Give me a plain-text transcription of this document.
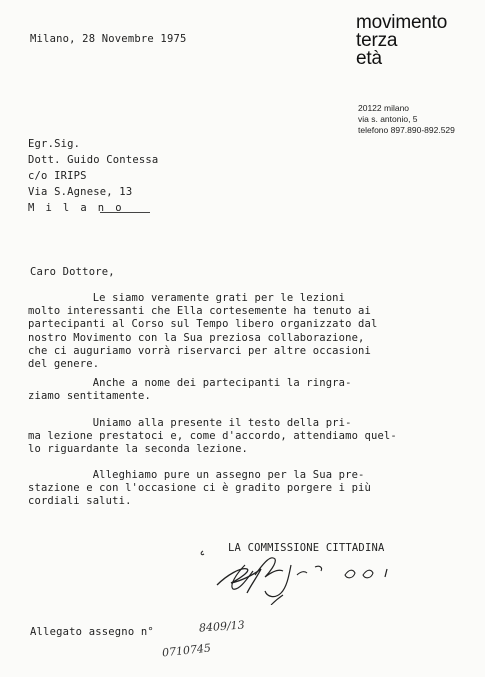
movimento
terza
età
20122 milano
via s. antonio, 5
telefono 897.890-892.529
Milano, 28 Novembre 1975
Egr.Sig.
Dott. Guido Contessa
c/o IRIPS
Via S.Agnese, 13
M i l a n o
Caro Dottore,
Le siamo veramente grati per le lezioni
molto interessanti che Ella cortesemente ha tenuto ai
partecipanti al Corso sul Tempo libero organizzato dal
nostro Movimento con la Sua preziosa collaborazione,
che ci auguriamo vorrà riservarci per altre occasioni
del genere.
Anche a nome dei partecipanti la ringra-
ziamo sentitamente.
Uniamo alla presente il testo della pri-
ma lezione prestatoci e, come d'accordo, attendiamo quel-
lo riguardante la seconda lezione.
Alleghiamo pure un assegno per la Sua pre-
stazione e con l'occasione ci è gradito porgere i più
cordiali saluti.
LA COMMISSIONE CITTADINA
Allegato assegno n°	8409/13
0710745
